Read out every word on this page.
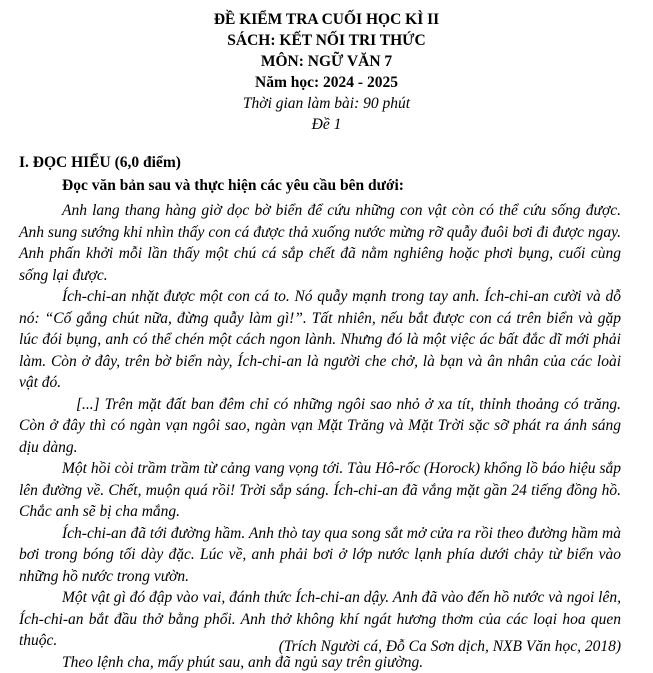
ĐỀ KIỂM TRA CUỐI HỌC KÌ II
SÁCH: KẾT NỐI TRI THỨC
MÔN: NGỮ VĂN 7
Năm học: 2024 - 2025
Thời gian làm bài: 90 phút
Đề 1
I. ĐỌC HIỂU (6,0 điểm)
Đọc văn bản sau và thực hiện các yêu cầu bên dưới:

Anh lang thang hàng giờ dọc bờ biển để cứu những con vật còn có thể cứu sống được. Anh sung sướng khi nhìn thấy con cá được thả xuống nước mừng rỡ quẫy đuôi bơi đi được ngay. Anh phấn khởi mỗi lần thấy một chú cá sắp chết đã nằm nghiêng hoặc phơi bụng, cuối cùng sống lại được.

Ích-chi-an nhặt được một con cá to. Nó quẫy mạnh trong tay anh. Ích-chi-an cười và dỗ nó: “Cố gắng chút nữa, đừng quẫy làm gì!”. Tất nhiên, nếu bắt được con cá trên biển và gặp lúc đói bụng, anh có thể chén một cách ngon lành. Nhưng đó là một việc ác bất đắc dĩ mới phải làm. Còn ở đây, trên bờ biển này, Ích-chi-an là người che chở, là bạn và ân nhân của các loài vật đó.

[...] Trên mặt đất ban đêm chỉ có những ngôi sao nhỏ ở xa tít, thỉnh thoảng có trăng. Còn ở đây thì có ngàn vạn ngôi sao, ngàn vạn Mặt Trăng và Mặt Trời sặc sỡ phát ra ánh sáng dịu dàng.

Một hồi còi trầm trầm từ cảng vang vọng tới. Tàu Hô-rốc (Horock) khổng lồ báo hiệu sắp lên đường về. Chết, muộn quá rồi! Trời sắp sáng. Ích-chi-an đã vắng mặt gần 24 tiếng đồng hồ. Chắc anh sẽ bị cha mắng.

Ích-chi-an đã tới đường hầm. Anh thò tay qua song sắt mở cửa ra rồi theo đường hầm mà bơi trong bóng tối dày đặc. Lúc về, anh phải bơi ở lớp nước lạnh phía dưới chảy từ biển vào những hồ nước trong vườn.

Một vật gì đó đập vào vai, đánh thức Ích-chi-an dậy. Anh đã vào đến hồ nước và ngoi lên, Ích-chi-an bắt đầu thở bằng phổi. Anh thở không khí ngát hương thơm của các loại hoa quen thuộc.

Theo lệnh cha, mấy phút sau, anh đã ngủ say trên giường.

(Trích Người cá, Đỗ Ca Sơn dịch, NXB Văn học, 2018)
